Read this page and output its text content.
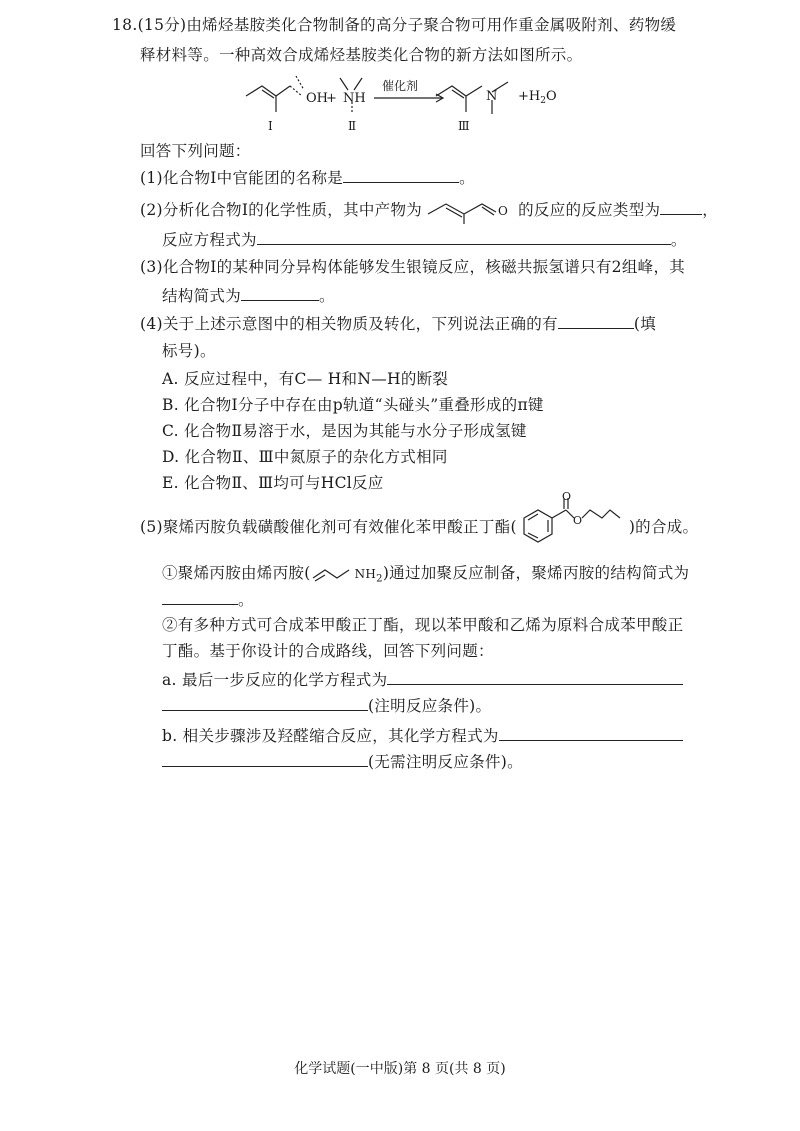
18.(15分)由烯烃基胺类化合物制备的高分子聚合物可用作重金属吸附剂、药物缓
释材料等。一种高效合成烯烃基胺类化合物的新方法如图所示。
OH
+ NH
催化剂
$N +H_2O$
Ⅰ	Ⅱ	Ⅲ
回答下列问题：
(1)化合物Ⅰ中官能团的名称是	。
(2)分析化合物Ⅰ的化学性质，其中产物为	O 的反应的反应类型为	，
反应方程式为	。
(3)化合物Ⅰ的某种同分异构体能够发生银镜反应，核磁共振氢谱只有2组峰，其
结构简式为	。
(4)关于上述示意图中的相关物质及转化，下列说法正确的有	(填
标号)。
A. 反应过程中，有C— H和N—H的断裂
B. 化合物Ⅰ分子中存在由p轨道“头碰头”重叠形成的π键
C. 化合物Ⅱ易溶于水，是因为其能与水分子形成氢键
D. 化合物Ⅱ、Ⅲ中氮原子的杂化方式相同
E. 化合物Ⅱ、Ⅲ均可与HCl反应
(5)聚烯丙胺负载磺酸催化剂可有效催化苯甲酸正丁酯(	)的合成。
O
O
①聚烯丙胺由烯丙胺(	$NH_2$)通过加聚反应制备，聚烯丙胺的结构简式为
。
②有多种方式可合成苯甲酸正丁酯，现以苯甲酸和乙烯为原料合成苯甲酸正
丁酯。基于你设计的合成路线，回答下列问题：
a. 最后一步反应的化学方程式为
(注明反应条件)。
b. 相关步骤涉及羟醛缩合反应，其化学方程式为
(无需注明反应条件)。
化学试题(一中版)第 8 页(共 8 页)
